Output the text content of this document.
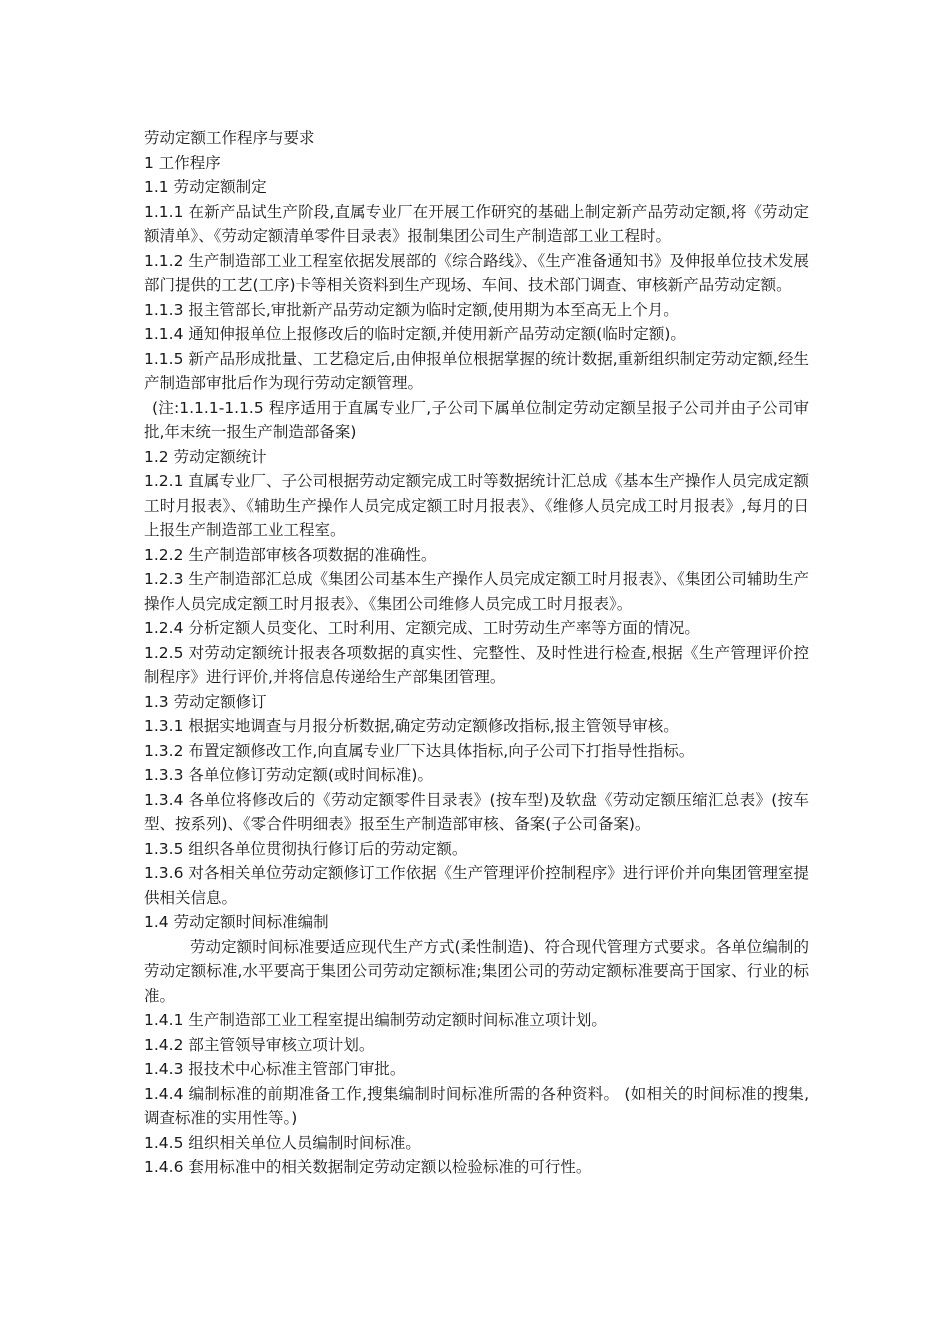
劳动定额工作程序与要求

1 工作程序

1.1 劳动定额制定

1.1.1 在新产品试生产阶段,直属专业厂在开展工作研究的基础上制定新产品劳动定额,将《劳动定额清单》、《劳动定额清单零件目录表》报制集团公司生产制造部工业工程时。

1.1.2 生产制造部工业工程室依据发展部的《综合路线》、《生产准备通知书》及伸报单位技术发展部门提供的工艺(工序)卡等相关资料到生产现场、车间、技术部门调查、审核新产品劳动定额。

1.1.3 报主管部长,审批新产品劳动定额为临时定额,使用期为本至高无上个月。

1.1.4 通知伸报单位上报修改后的临时定额,并使用新产品劳动定额(临时定额)。

1.1.5 新产品形成批量、工艺稳定后,由伸报单位根据掌握的统计数据,重新组织制定劳动定额,经生产制造部审批后作为现行劳动定额管理。

(注:1.1.1-1.1.5 程序适用于直属专业厂,子公司下属单位制定劳动定额呈报子公司并由子公司审批,年末统一报生产制造部备案)

1.2 劳动定额统计

1.2.1 直属专业厂、子公司根据劳动定额完成工时等数据统计汇总成《基本生产操作人员完成定额工时月报表》、《辅助生产操作人员完成定额工时月报表》、《维修人员完成工时月报表》,每月的日上报生产制造部工业工程室。

1.2.2 生产制造部审核各项数据的准确性。

1.2.3 生产制造部汇总成《集团公司基本生产操作人员完成定额工时月报表》、《集团公司辅助生产操作人员完成定额工时月报表》、《集团公司维修人员完成工时月报表》。

1.2.4 分析定额人员变化、工时利用、定额完成、工时劳动生产率等方面的情况。

1.2.5 对劳动定额统计报表各项数据的真实性、完整性、及时性进行检查,根据《生产管理评价控制程序》进行评价,并将信息传递给生产部集团管理。

1.3 劳动定额修订

1.3.1 根据实地调查与月报分析数据,确定劳动定额修改指标,报主管领导审核。

1.3.2 布置定额修改工作,向直属专业厂下达具体指标,向子公司下打指导性指标。

1.3.3 各单位修订劳动定额(或时间标准)。

1.3.4 各单位将修改后的《劳动定额零件目录表》(按车型)及软盘《劳动定额压缩汇总表》(按车型、按系列)、《零合件明细表》报至生产制造部审核、备案(子公司备案)。

1.3.5 组织各单位贯彻执行修订后的劳动定额。

1.3.6 对各相关单位劳动定额修订工作依据《生产管理评价控制程序》进行评价并向集团管理室提供相关信息。

1.4 劳动定额时间标准编制

劳动定额时间标准要适应现代生产方式(柔性制造)、符合现代管理方式要求。各单位编制的劳动定额标准,水平要高于集团公司劳动定额标准;集团公司的劳动定额标准要高于国家、行业的标准。

1.4.1 生产制造部工业工程室提出编制劳动定额时间标准立项计划。

1.4.2 部主管领导审核立项计划。

1.4.3 报技术中心标准主管部门审批。

1.4.4 编制标准的前期准备工作,搜集编制时间标准所需的各种资料。 (如相关的时间标准的搜集,调查标准的实用性等。)

1.4.5 组织相关单位人员编制时间标准。

1.4.6 套用标准中的相关数据制定劳动定额以检验标准的可行性。
